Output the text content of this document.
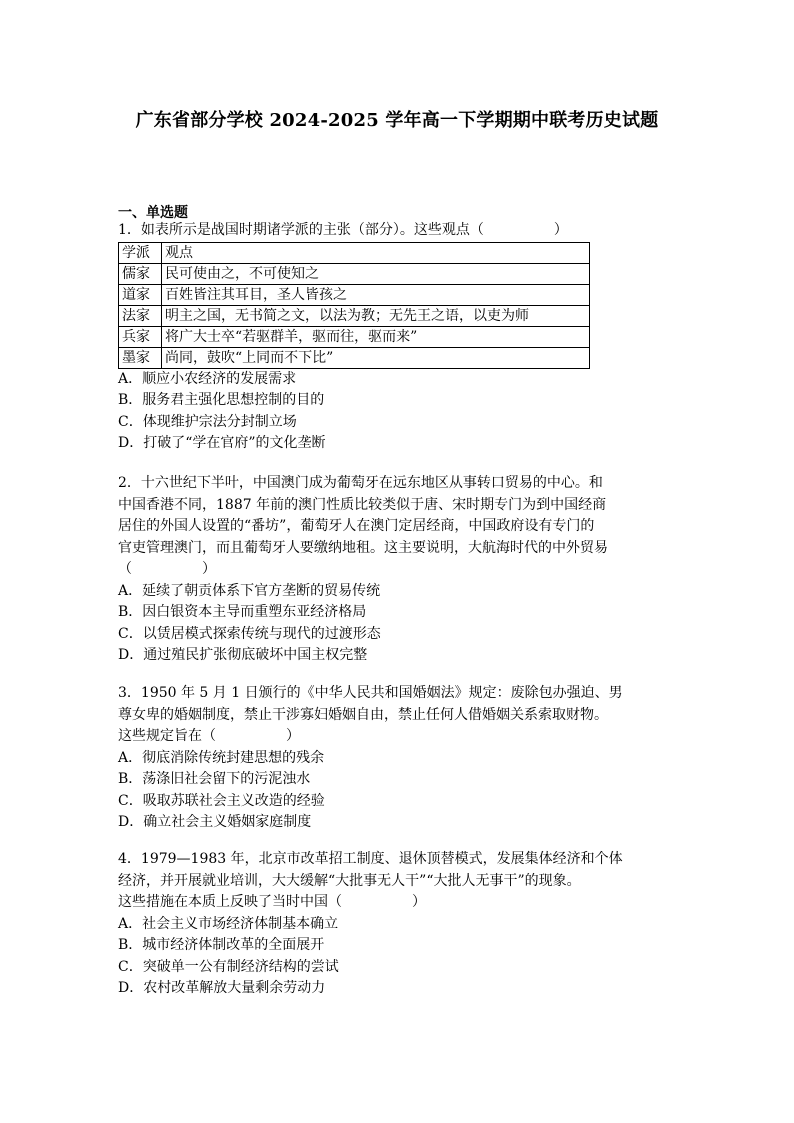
广东省部分学校 2024-2025 学年高一下学期期中联考历史试题
一、单选题

1．如表所示是战国时期诸学派的主张（部分）。这些观点（　　　　　）

学派	观点
儒家	民可使由之，不可使知之
道家	百姓皆注其耳目，圣人皆孩之
法家	明主之国，无书简之文，以法为教；无先王之语，以吏为师
兵家	将广大士卒“若驱群羊，驱而往，驱而来”
墨家	尚同，鼓吹“上同而不下比”

A．顺应小农经济的发展需求

B．服务君主强化思想控制的目的

C．体现维护宗法分封制立场

D．打破了“学在官府”的文化垄断

2．十六世纪下半叶，中国澳门成为葡萄牙在远东地区从事转口贸易的中心。和

中国香港不同，1887 年前的澳门性质比较类似于唐、宋时期专门为到中国经商

居住的外国人设置的“番坊”，葡萄牙人在澳门定居经商，中国政府设有专门的

官吏管理澳门，而且葡萄牙人要缴纳地租。这主要说明，大航海时代的中外贸易

（　　　　　）

A．延续了朝贡体系下官方垄断的贸易传统

B．因白银资本主导而重塑东亚经济格局

C．以赁居模式探索传统与现代的过渡形态

D．通过殖民扩张彻底破坏中国主权完整

3．1950 年 5 月 1 日颁行的《中华人民共和国婚姻法》规定：废除包办强迫、男

尊女卑的婚姻制度，禁止干涉寡妇婚姻自由，禁止任何人借婚姻关系索取财物。

这些规定旨在（　　　　　）

A．彻底消除传统封建思想的残余

B．荡涤旧社会留下的污泥浊水

C．吸取苏联社会主义改造的经验

D．确立社会主义婚姻家庭制度

4．1979—1983 年，北京市改革招工制度、退休顶替模式，发展集体经济和个体

经济，并开展就业培训，大大缓解“大批事无人干”“大批人无事干”的现象。

这些措施在本质上反映了当时中国（　　　　　）

A．社会主义市场经济体制基本确立

B．城市经济体制改革的全面展开

C．突破单一公有制经济结构的尝试

D．农村改革解放大量剩余劳动力
